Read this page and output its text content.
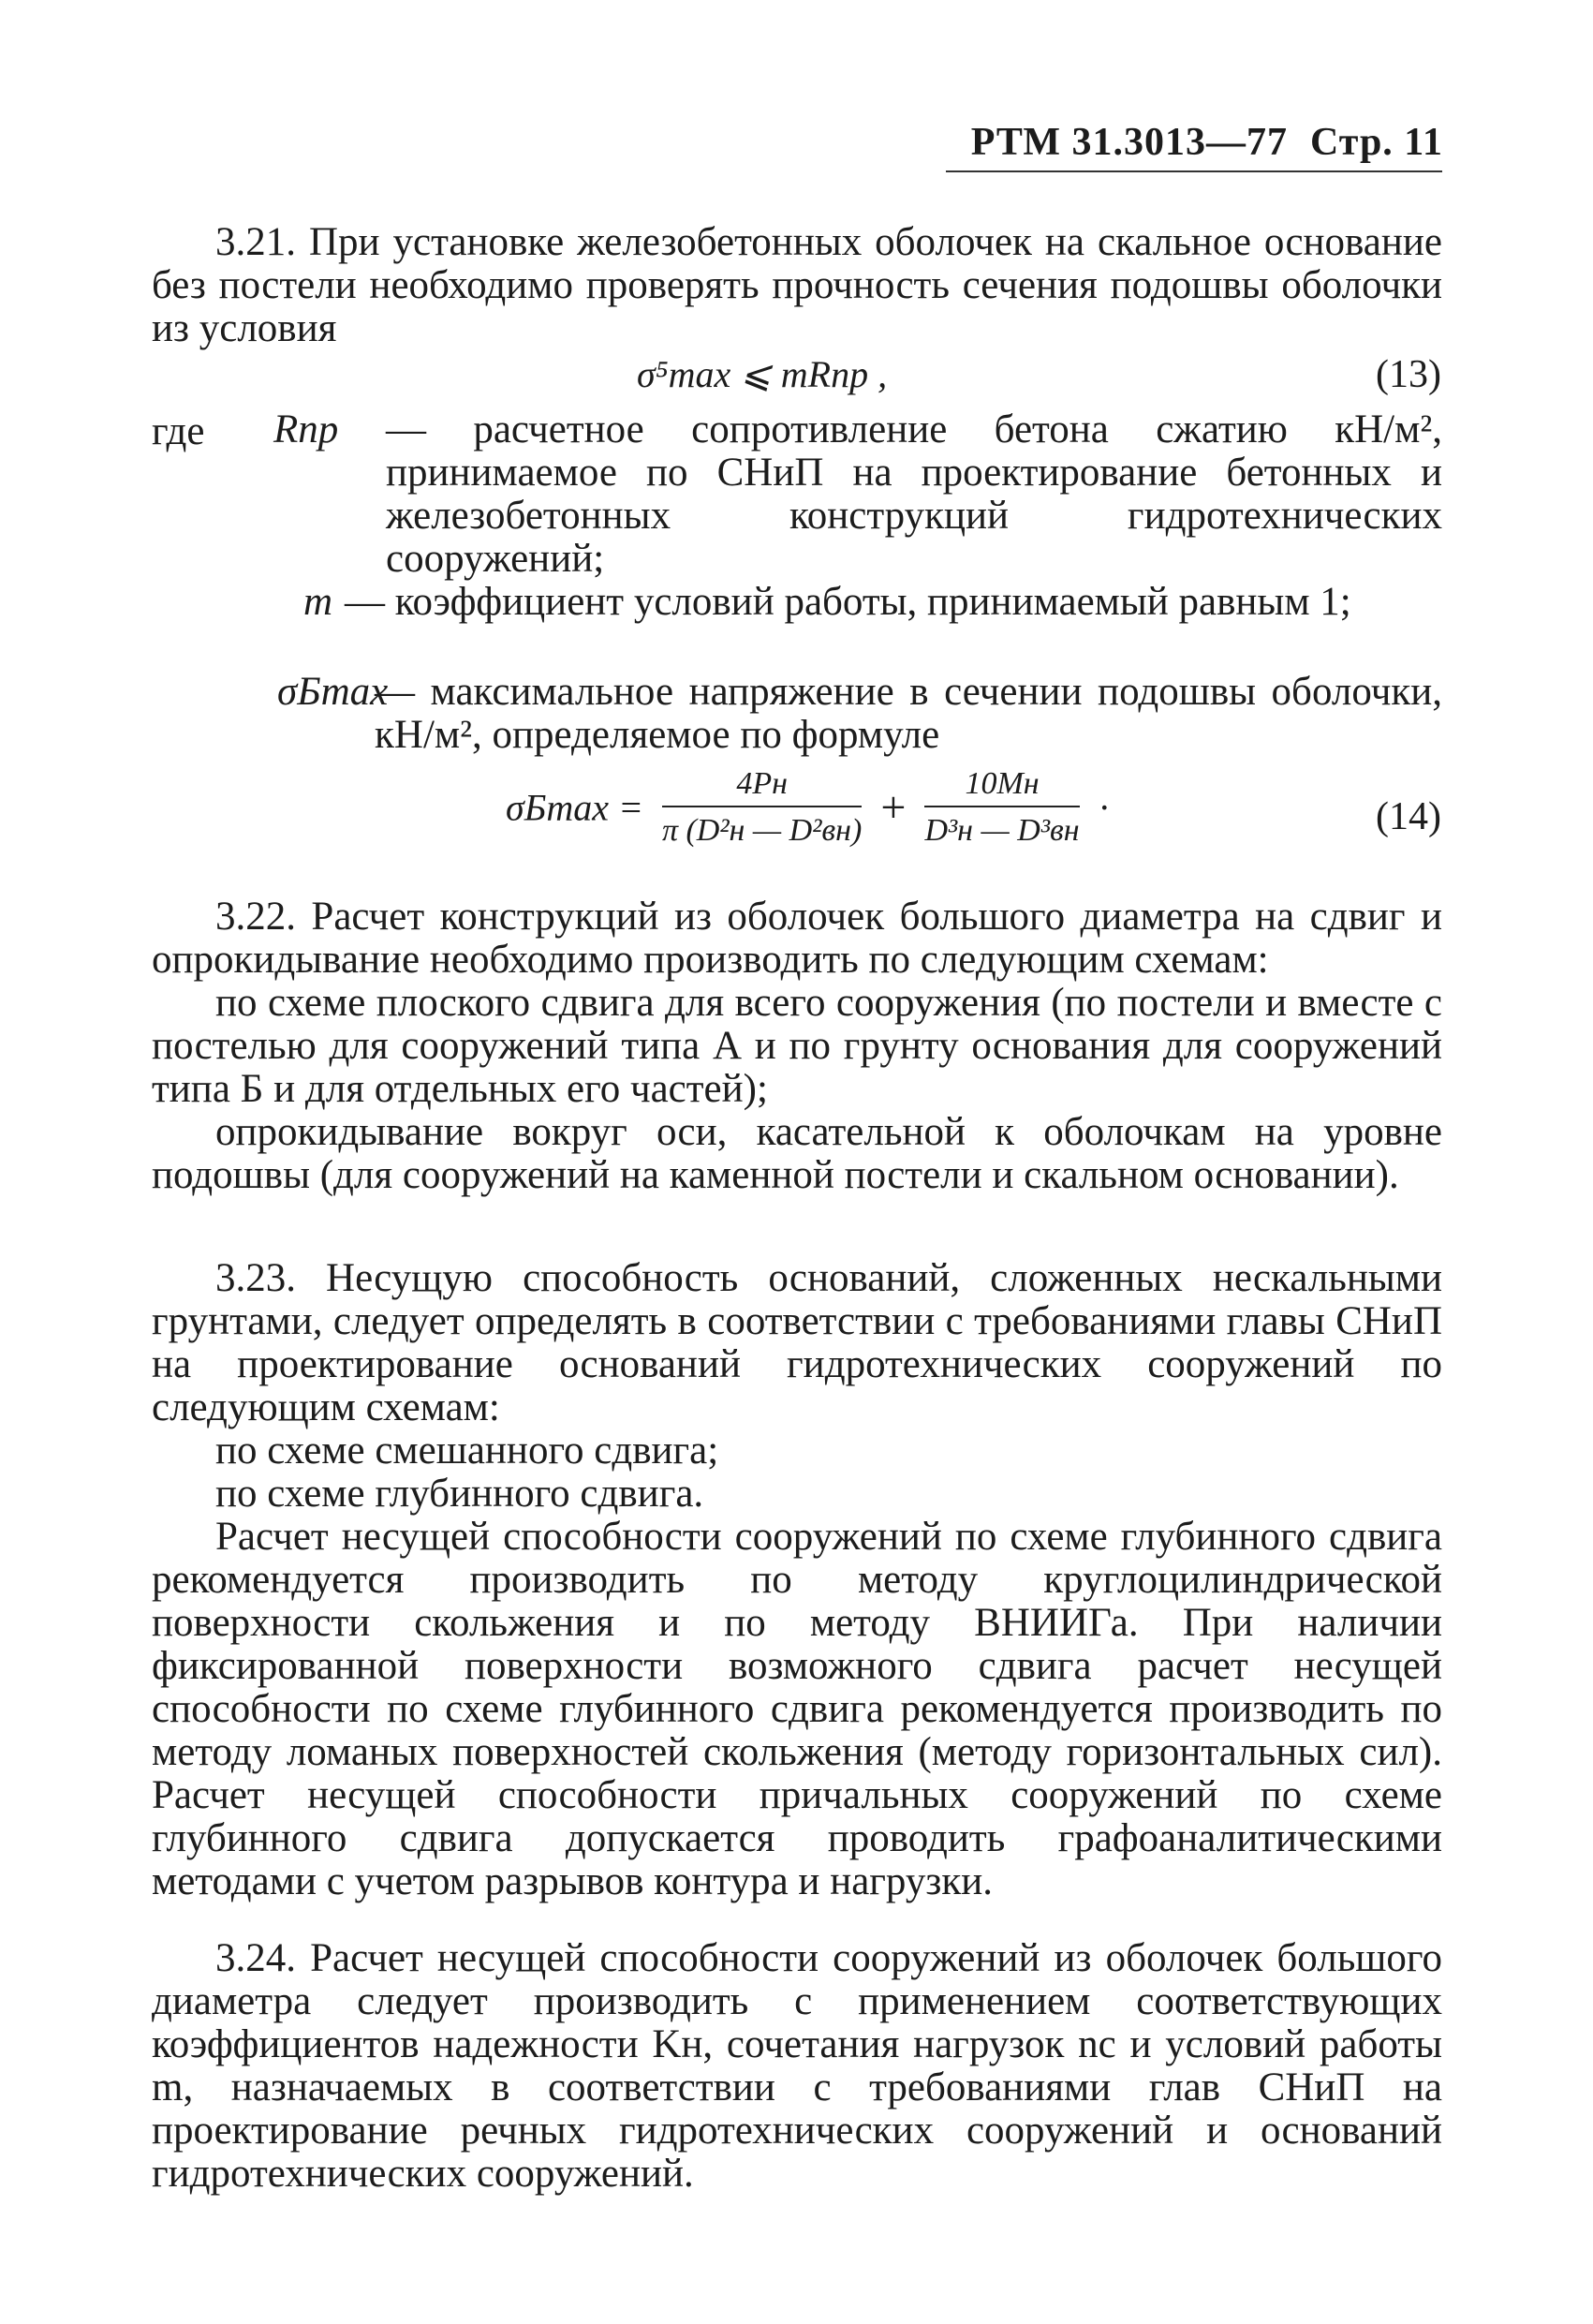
РТМ 31.3013—77 Стр. 11
3.21. При установке железобетонных оболочек на скальное основание без постели необходимо проверять прочность сечения подошвы оболочки из условия
σ⁵max ⩽ mRпр ,	(13)
где Rпр — расчетное сопротивление бетона сжатию кН/м², принимаемое по СНиП на проектирование бетонных и железобетонных конструкций гидротехнических сооружений;
m — коэффициент условий работы, принимаемый равным 1;
σБmax
— максимальное напряжение в сечении подошвы оболочки, кН/м², определяемое по формуле
$\sigma Б\max = \frac{4Pн}{\text{π (D²н — D²вн)}} + \frac{10Mн}{\text{D³н — D³вн}}$ ·	(14)
3.22. Расчет конструкций из оболочек большого диаметра на сдвиг и опрокидывание необходимо производить по следующим схемам:
по схеме плоского сдвига для всего сооружения (по постели и вместе с постелью для сооружений типа А и по грунту основания для сооружений типа Б и для отдельных его частей);
опрокидывание вокруг оси, касательной к оболочкам на уровне подошвы (для сооружений на каменной постели и скальном основании).
3.23. Несущую способность оснований, сложенных нескальными грунтами, следует определять в соответствии с требованиями главы СНиП на проектирование оснований гидротехнических сооружений по следующим схемам:
по схеме смешанного сдвига;
по схеме глубинного сдвига.
Расчет несущей способности сооружений по схеме глубинного сдвига рекомендуется производить по методу круглоцилиндрической поверхности скольжения и по методу ВНИИГа. При наличии фиксированной поверхности возможного сдвига расчет несущей способности по схеме глубинного сдвига рекомендуется производить по методу ломаных поверхностей скольжения (методу горизонтальных сил). Расчет несущей способности причальных сооружений по схеме глубинного сдвига допускается проводить графоаналитическими методами с учетом разрывов контура и нагрузки.
3.24. Расчет несущей способности сооружений из оболочек большого диаметра следует производить с применением соответствующих коэффициентов надежности Kн, сочетания нагрузок nс и условий работы m, назначаемых в соответствии с требованиями глав СНиП на проектирование речных гидротехнических сооружений и оснований гидротехнических сооружений.
